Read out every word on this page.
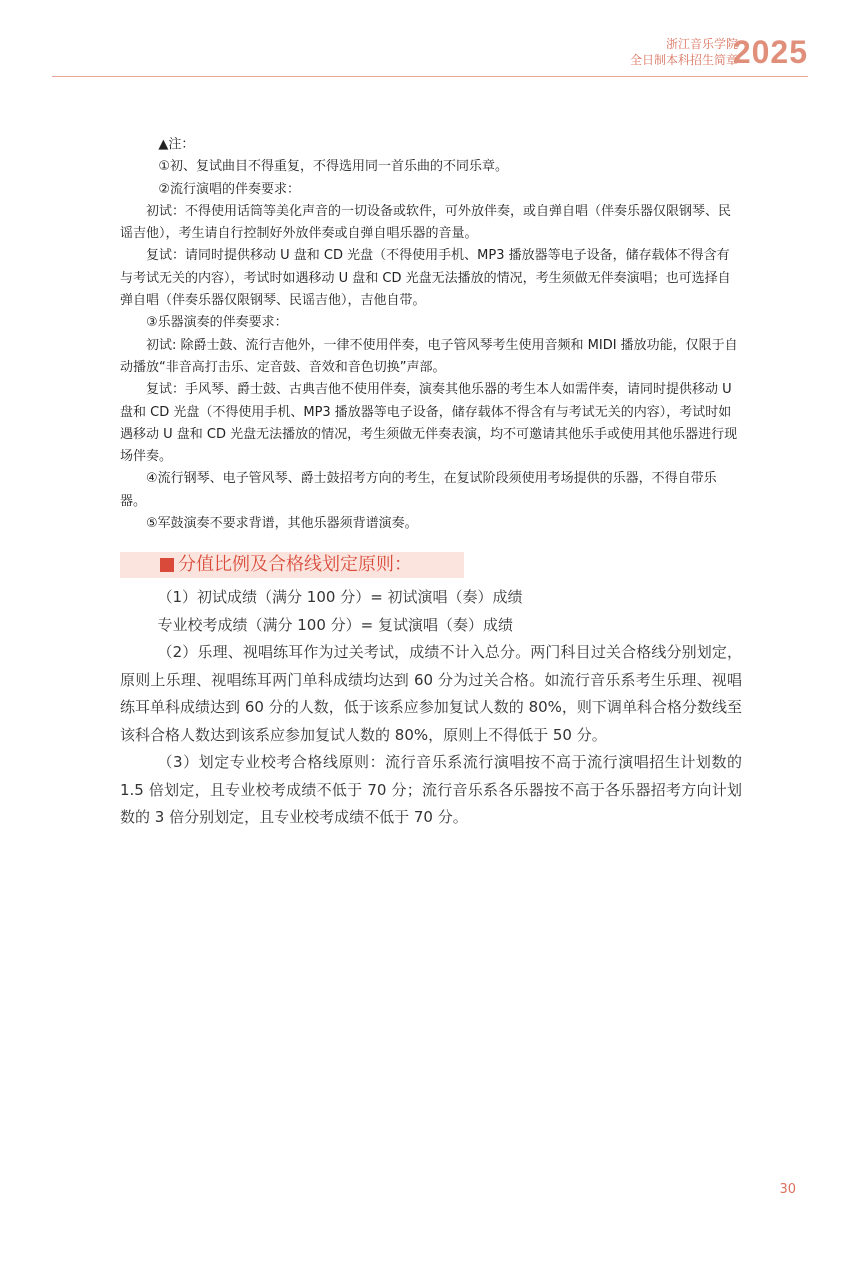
浙江音乐学院
全日制本科招生简章
2025

▲注：

①初、复试曲目不得重复，不得选用同一首乐曲的不同乐章。

②流行演唱的伴奏要求：

初试：不得使用话筒等美化声音的一切设备或软件，可外放伴奏，或自弹自唱（伴奏乐器仅限钢琴、民谣吉他），考生请自行控制好外放伴奏或自弹自唱乐器的音量。

复试：请同时提供移动 U 盘和 CD 光盘（不得使用手机、MP3 播放器等电子设备，储存载体不得含有与考试无关的内容），考试时如遇移动 U 盘和 CD 光盘无法播放的情况，考生须做无伴奏演唱；也可选择自弹自唱（伴奏乐器仅限钢琴、民谣吉他），吉他自带。

③乐器演奏的伴奏要求：

初试: 除爵士鼓、流行吉他外，一律不使用伴奏，电子管风琴考生使用音频和 MIDI 播放功能，仅限于自动播放“非音高打击乐、定音鼓、音效和音色切换”声部。

复试：手风琴、爵士鼓、古典吉他不使用伴奏，演奏其他乐器的考生本人如需伴奏，请同时提供移动 U 盘和 CD 光盘（不得使用手机、MP3 播放器等电子设备，储存载体不得含有与考试无关的内容），考试时如遇移动 U 盘和 CD 光盘无法播放的情况，考生须做无伴奏表演，均不可邀请其他乐手或使用其他乐器进行现场伴奏。

④流行钢琴、电子管风琴、爵士鼓招考方向的考生，在复试阶段须使用考场提供的乐器，不得自带乐器。

⑤军鼓演奏不要求背谱，其他乐器须背谱演奏。

分值比例及合格线划定原则：

（1）初试成绩（满分 100 分）= 初试演唱（奏）成绩

专业校考成绩（满分 100 分）= 复试演唱（奏）成绩

（2）乐理、视唱练耳作为过关考试，成绩不计入总分。两门科目过关合格线分别划定，原则上乐理、视唱练耳两门单科成绩均达到 60 分为过关合格。如流行音乐系考生乐理、视唱练耳单科成绩达到 60 分的人数，低于该系应参加复试人数的 80%，则下调单科合格分数线至该科合格人数达到该系应参加复试人数的 80%，原则上不得低于 50 分。

（3）划定专业校考合格线原则：流行音乐系流行演唱按不高于流行演唱招生计划数的 1.5 倍划定，且专业校考成绩不低于 70 分；流行音乐系各乐器按不高于各乐器招考方向计划数的 3 倍分别划定，且专业校考成绩不低于 70 分。

30
